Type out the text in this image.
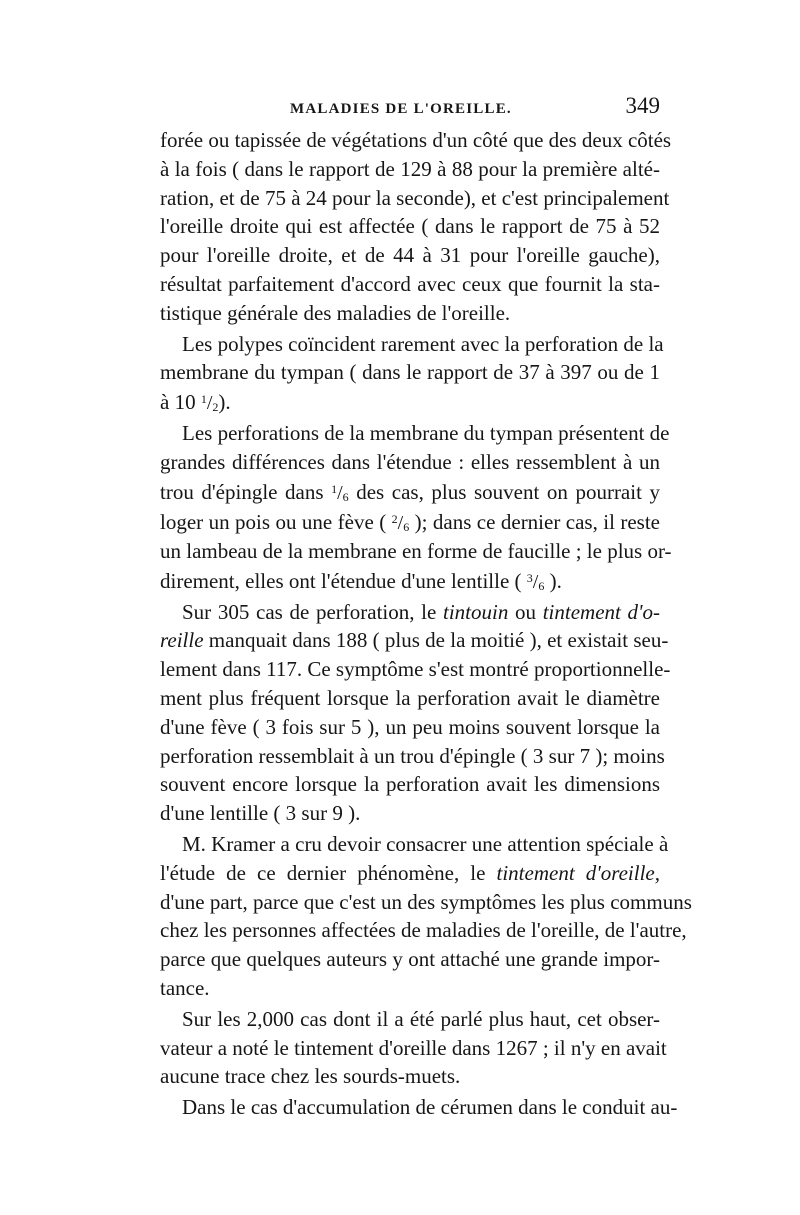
MALADIES DE L'OREILLE.	349
forée ou tapissée de végétations d'un côté que des deux côtés
à la fois ( dans le rapport de 129 à 88 pour la première alté-
ration, et de 75 à 24 pour la seconde), et c'est principalement
l'oreille droite qui est affectée ( dans le rapport de 75 à 52
pour l'oreille droite, et de 44 à 31 pour l'oreille gauche),
résultat parfaitement d'accord avec ceux que fournit la sta-
tistique générale des maladies de l'oreille.
Les polypes coïncident rarement avec la perforation de la
membrane du tympan ( dans le rapport de 37 à 397 ou de 1
à 10 $^1/_2$).
Les perforations de la membrane du tympan présentent de
grandes différences dans l'étendue : elles ressemblent à un
trou d'épingle dans $^1/_6$ des cas, plus souvent on pourrait y
loger un pois ou une fève ( $^2/_6$ ); dans ce dernier cas, il reste
un lambeau de la membrane en forme de faucille ; le plus or-
direment, elles ont l'étendue d'une lentille ( $^3/_6$ ).
Sur 305 cas de perforation, le tintouin ou tintement d'o-
reille manquait dans 188 ( plus de la moitié ), et existait seu-
lement dans 117. Ce symptôme s'est montré proportionnelle-
ment plus fréquent lorsque la perforation avait le diamètre
d'une fève ( 3 fois sur 5 ), un peu moins souvent lorsque la
perforation ressemblait à un trou d'épingle ( 3 sur 7 ); moins
souvent encore lorsque la perforation avait les dimensions
d'une lentille ( 3 sur 9 ).
M. Kramer a cru devoir consacrer une attention spéciale à
l'étude de ce dernier phénomène, le tintement d'oreille,
d'une part, parce que c'est un des symptômes les plus communs
chez les personnes affectées de maladies de l'oreille, de l'autre,
parce que quelques auteurs y ont attaché une grande impor-
tance.
Sur les 2,000 cas dont il a été parlé plus haut, cet obser-
vateur a noté le tintement d'oreille dans 1267 ; il n'y en avait
aucune trace chez les sourds-muets.
Dans le cas d'accumulation de cérumen dans le conduit au-
